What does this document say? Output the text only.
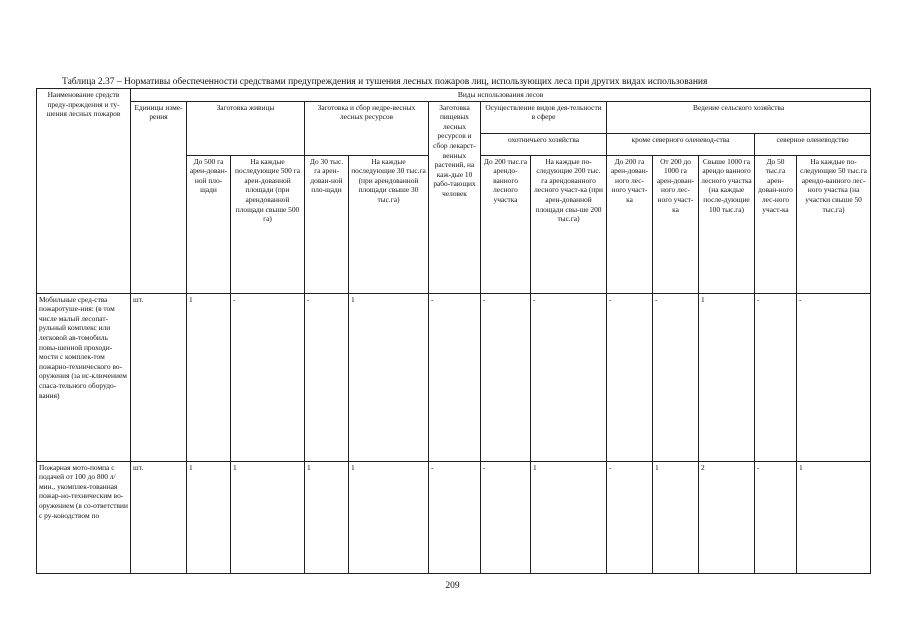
Таблица 2.37 – Нормативы обеспеченности средствами предупреждения и тушения лесных пожаров лиц, использующих леса при других видах использования
Наименование средств преду-преждения и ту-шения лесных пожаров	Виды использования лесов												
	Единицы изме-рения	Заготовка живицы		Заготовка и сбор недре-весных лесных ресурсов		Заготовка пищевых лесных ресурсов и сбор лекарст-венных растений, на каж-дые 10 рабо-тающих человек	Осуществление видов дея-тельности в сфере		Ведение сельского хозяйства				
							охотничьего хозяйства		кроме северного оленевод-ства			северное оленеводство	
		До 500 га арен-дован-ной пло-щади	На каждые последующие 500 га арен-дованной площади (при арендованной площади свыше 500 га)	До 30 тыс. га арен-дован-ной пло-щади	На каждые последующие 30 тыс.га (при арендованной площади свыше 30 тыс.га)		До 200 тыс.га арендо-ванного лесного участка	На каждые по-следующие 200 тыс. га арендованного лесного участ-ка (при арен-дованной площади свы-ше 200 тыс.га)	До 200 га арен-дован-ного лес-ного участ-ка	От 200 до 1000 га арен-дован-ного лес-ного участ-ка	Свыше 1000 га арендо ванного лесного участка (на каждые после-дующие 100 тыс.га)	До 50 тыс.га арен-дован-ного лес-ного участ-ка	На каждые по-следующие 50 тыс.га арендо-ванного лес-ного участка (на участки свыше 50 тыс.га)
Мобильные сред-ства пожаротуше-ния: (в том числе малый лесопат-рульный комплекс или легковой ав-томобиль повы-шенной проходи-мости с комплек-том пожарно-технического во-оружения (за ис-ключением спаса-тельного оборудо-вания)	шт.	1	-	-	1	-	-	-	-	-	1	-	-
Пожарная мото-помпа с подачей от 100 до 800 л/мин., укомплек-тованная пожар-но-техническим во-оружением (в со-ответствии с ру-ководством по	шт.	1	1	1	1	-	-	1	-	1	2	-	1
209
